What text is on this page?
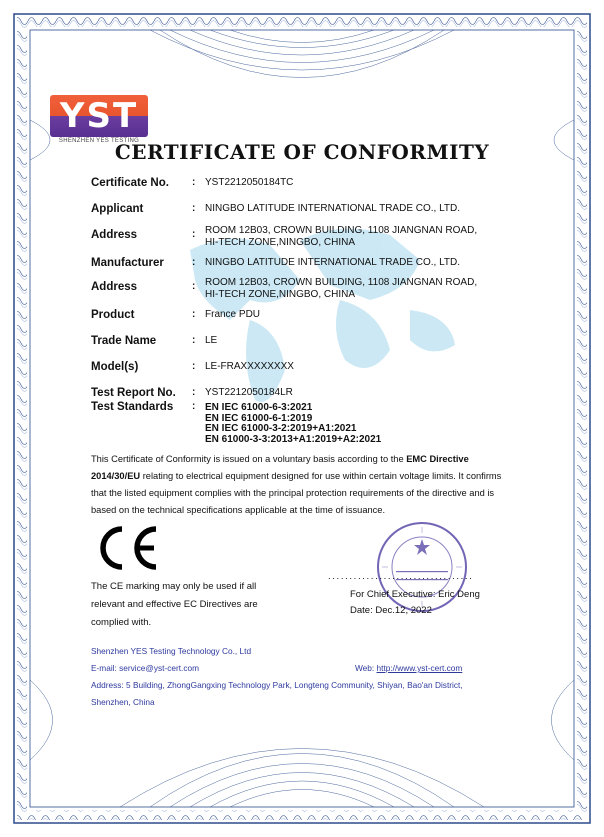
YST
SHENZHEN YES TESTING
CERTIFICATE OF CONFORMITY
Certificate No.	: YST2212050184TC
Applicant	: NINGBO LATITUDE INTERNATIONAL TRADE CO., LTD.
Address	: ROOM 12B03, CROWN BUILDING, 1108 JIANGNAN ROAD,
HI-TECH ZONE,NINGBO, CHINA
Manufacturer	: NINGBO LATITUDE INTERNATIONAL TRADE CO., LTD.
Address	: ROOM 12B03, CROWN BUILDING, 1108 JIANGNAN ROAD,
HI-TECH ZONE,NINGBO, CHINA
Product	: France PDU
Trade Name	: LE
Model(s)	: LE-FRAXXXXXXXX
Test Report No.	: YST2212050184LR
Test Standards	: EN IEC 61000-6-3:2021
EN IEC 61000-6-1:2019
EN IEC 61000-3-2:2019+A1:2021
EN 61000-3-3:2013+A1:2019+A2:2021
This Certificate of Conformity is issued on a voluntary basis according to the EMC Directive 2014/30/EU relating to electrical equipment designed for use within certain voltage limits. It confirms that the listed equipment complies with the principal protection requirements of the directive and is based on the technical specifications applicable at the time of issuance.
The CE marking may only be used if all relevant and effective EC Directives are complied with.
. . . . . . . . . . . . . . . . . . . . . . . . . . . . . . . . . .
For Chief Executive: Eric Deng
Date: Dec.12, 2022
Shenzhen YES Testing Technology Co., Ltd
E-mail: service@yst-cert.com	Web: http://www.yst-cert.com
Address: 5 Building, ZhongGangxing Technology Park, Longteng Community, Shiyan, Bao'an District,
Shenzhen, China
